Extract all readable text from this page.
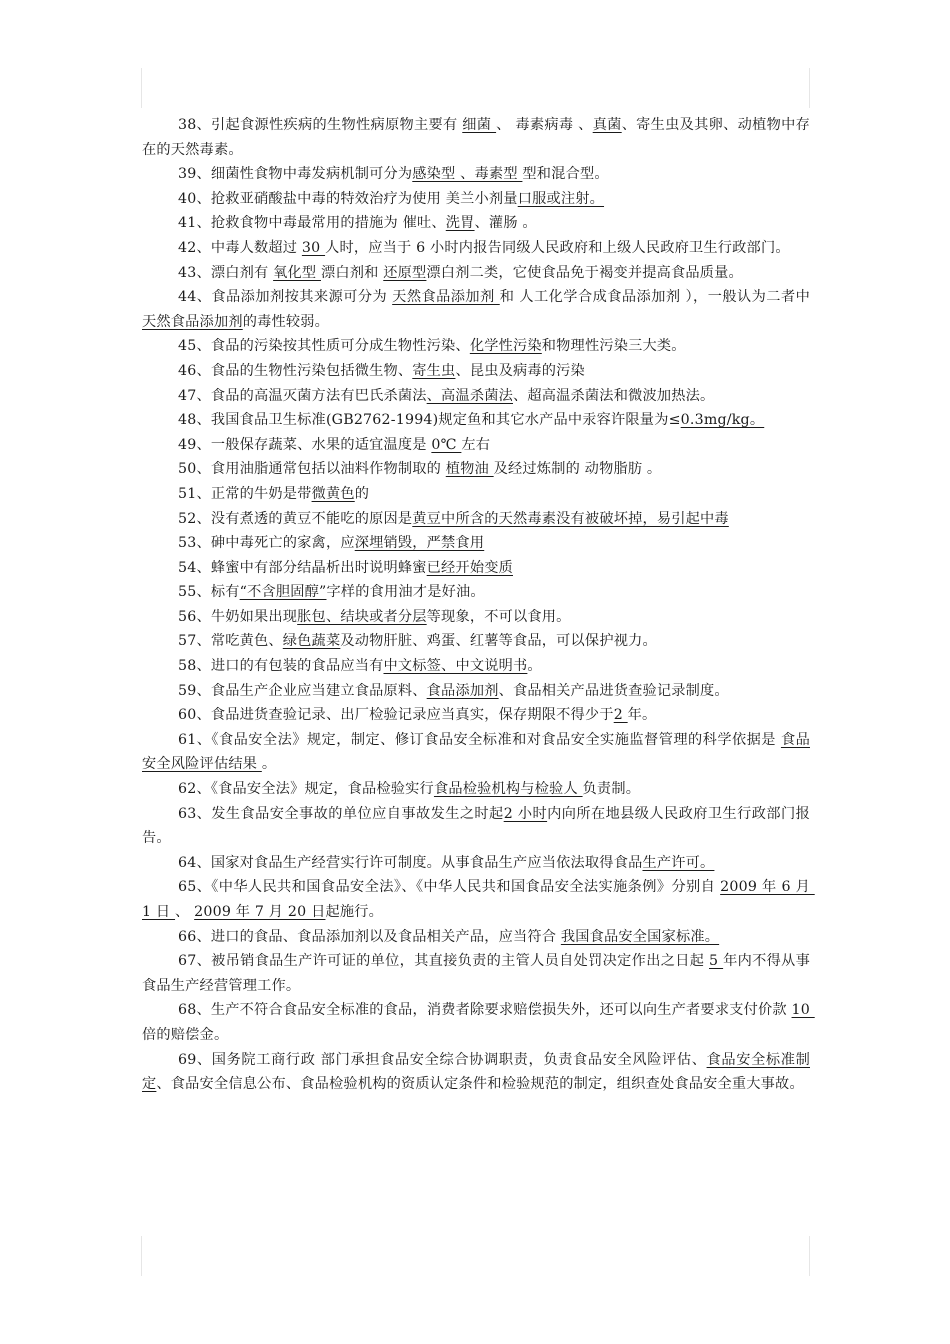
38、引起食源性疾病的生物性病原物主要有 细菌 、 毒素病毒 、真菌、寄生虫及其卵、动植物中存在的天然毒素。

39、细菌性食物中毒发病机制可分为感染型 、毒素型 型和混合型。

40、抢救亚硝酸盐中毒的特效治疗为使用 美兰小剂量口服或注射。

41、抢救食物中毒最常用的措施为 催吐、洗胃、灌肠 。

42、中毒人数超过 30 人时，应当于 6 小时内报告同级人民政府和上级人民政府卫生行政部门。

43、漂白剂有 氧化型 漂白剂和 还原型漂白剂二类，它使食品免于褐变并提高食品质量。

44、食品添加剂按其来源可分为 天然食品添加剂 和 人工化学合成食品添加剂 ），一般认为二者中 天然食品添加剂的毒性较弱。

45、食品的污染按其性质可分成生物性污染、化学性污染和物理性污染三大类。

46、食品的生物性污染包括微生物、寄生虫、昆虫及病毒的污染

47、食品的高温灭菌方法有巴氏杀菌法、高温杀菌法、超高温杀菌法和微波加热法。

48、我国食品卫生标准(GB2762-1994)规定鱼和其它水产品中汞容许限量为≤0.3mg/kg。

49、一般保存蔬菜、水果的适宜温度是 0℃ 左右

50、食用油脂通常包括以油料作物制取的 植物油 及经过炼制的 动物脂肪 。

51、正常的牛奶是带微黄色的

52、没有煮透的黄豆不能吃的原因是黄豆中所含的天然毒素没有被破坏掉，易引起中毒

53、砷中毒死亡的家禽，应深埋销毁，严禁食用

54、蜂蜜中有部分结晶析出时说明蜂蜜已经开始变质

55、标有“不含胆固醇”字样的食用油才是好油。

56、牛奶如果出现胀包、结块或者分层等现象，不可以食用。

57、常吃黄色、绿色蔬菜及动物肝脏、鸡蛋、红薯等食品，可以保护视力。

58、进口的有包装的食品应当有中文标签、中文说明书。

59、食品生产企业应当建立食品原料、食品添加剂、食品相关产品进货查验记录制度。

60、食品进货查验记录、出厂检验记录应当真实，保存期限不得少于2 年。

61、《食品安全法》规定，制定、修订食品安全标准和对食品安全实施监督管理的科学依据是 食品安全风险评估结果 。

62、《食品安全法》规定，食品检验实行食品检验机构与检验人 负责制。

63、发生食品安全事故的单位应自事故发生之时起2 小时内向所在地县级人民政府卫生行政部门报告。

64、国家对食品生产经营实行许可制度。从事食品生产应当依法取得食品生产许可。

65、《中华人民共和国食品安全法》、《中华人民共和国食品安全法实施条例》分别自 2009 年 6 月 1 日 、 2009 年 7 月 20 日起施行。

66、进口的食品、食品添加剂以及食品相关产品，应当符合 我国食品安全国家标准。

67、被吊销食品生产许可证的单位，其直接负责的主管人员自处罚决定作出之日起 5 年内不得从事食品生产经营管理工作。

68、生产不符合食品安全标准的食品，消费者除要求赔偿损失外，还可以向生产者要求支付价款 10 倍的赔偿金。

69、国务院工商行政 部门承担食品安全综合协调职责，负责食品安全风险评估、食品安全标准制定、食品安全信息公布、食品检验机构的资质认定条件和检验规范的制定，组织查处食品安全重大事故。
